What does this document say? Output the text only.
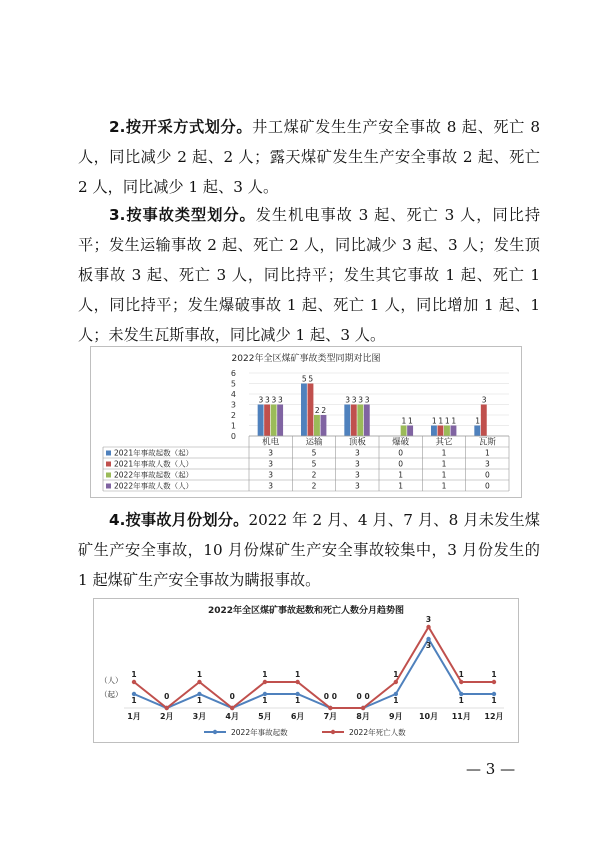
2.按开采方式划分。井工煤矿发生生产安全事故 8 起、死亡 8 人，同比减少 2 起、2 人；露天煤矿发生生产安全事故 2 起、死亡 2 人，同比减少 1 起、3 人。

3.按事故类型划分。发生机电事故 3 起、死亡 3 人，同比持平；发生运输事故 2 起、死亡 2 人，同比减少 3 起、3 人；发生顶板事故 3 起、死亡 3 人，同比持平；发生其它事故 1 起、死亡 1 人，同比持平；发生爆破事故 1 起、死亡 1 人，同比增加 1 起、1 人；未发生瓦斯事故，同比减少 1 起、3 人。

2022年全区煤矿事故类型同期对比图
0
1
2
3
4
5
6
3 3 3 3
5 5
2 2
3 3 3 3
1 1	1 1 1 1	1
3
机电	运输	顶板	爆破	其它	瓦斯
2021年事故起数（起）	3	5	3	0	1	1
2021年事故人数（人）	3	5	3	0	1	3
2022年事故起数（起）	3	2	3	1	1	0
2022年事故人数（人）	3	2	3	1	1	0

4.按事故月份划分。2022 年 2 月、4 月、7 月、8 月未发生煤矿生产安全事故，10 月份煤矿生产安全事故较集中，3 月份发生的 1 起煤矿生产安全事故为瞒报事故。

2022年全区煤矿事故起数和死亡人数分月趋势图
（人）
（起）
1	0	1	0	1	1	0	0	1
3
1	1
1	1	1	1
0	0
1
3
1	1
1月 2月 3月 4月 5月 6月 7月 8月 9月 10月 11月 12月
2022年事故起数	2022年死亡人数
— 3 —
